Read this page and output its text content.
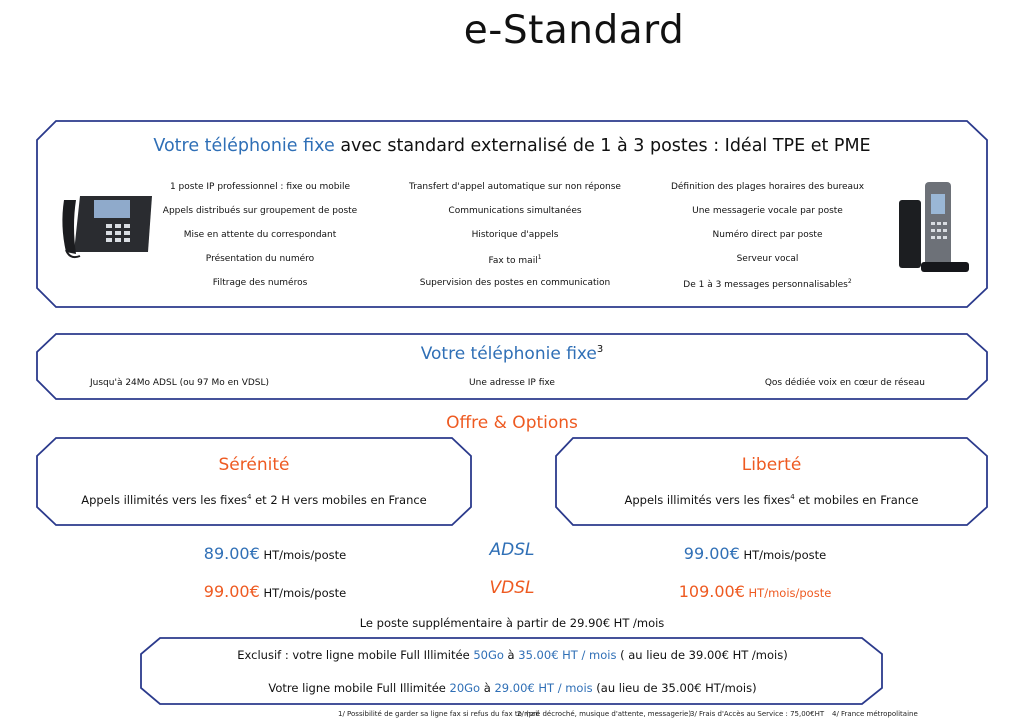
e-Standard
Votre téléphonie fixe avec standard externalisé de 1 à 3 postes : Idéal TPE et PME
1 poste IP professionnel : fixe ou mobile
Appels distribués sur groupement de poste
Mise en attente du correspondant
Présentation du numéro
Filtrage des numéros
Transfert d'appel automatique sur non réponse
Communications simultanées
Historique d'appels
Fax to mail$^1$
Supervision des postes en communication
Définition des plages horaires des bureaux
Une messagerie vocale par poste
Numéro direct par poste
Serveur vocal
De 1 à 3 messages personnalisables$^2$
Votre téléphonie fixe$^3$
Jusqu'à 24Mo ADSL (ou 97 Mo en VDSL)	Une adresse IP fixe	Qos dédiée voix en cœur de réseau
Offre & Options
Sérénité
Appels illimités vers les fixes$^4$ et 2 H vers mobiles en France
Liberté
Appels illimités vers les fixes$^4$ et mobiles en France
89.00€ HT/mois/poste	ADSL	99.00€ HT/mois/poste
99.00€ HT/mois/poste	VDSL	109.00€ HT/mois/poste
Le poste supplémentaire à partir de 29.90€ HT /mois
Exclusif : votre ligne mobile Full Illimitée 50Go à 35.00€ HT / mois ( au lieu de 39.00€ HT /mois)
Votre ligne mobile Full Illimitée 20Go à 29.00€ HT / mois (au lieu de 35.00€ HT/mois)
1/ Possibilité de garder sa ligne fax si refus du fax to mail
2/ (pré décroché, musique d'attente, messagerie)
3/ Frais d'Accès au Service : 75,00€HT 4/ France métropolitaine
